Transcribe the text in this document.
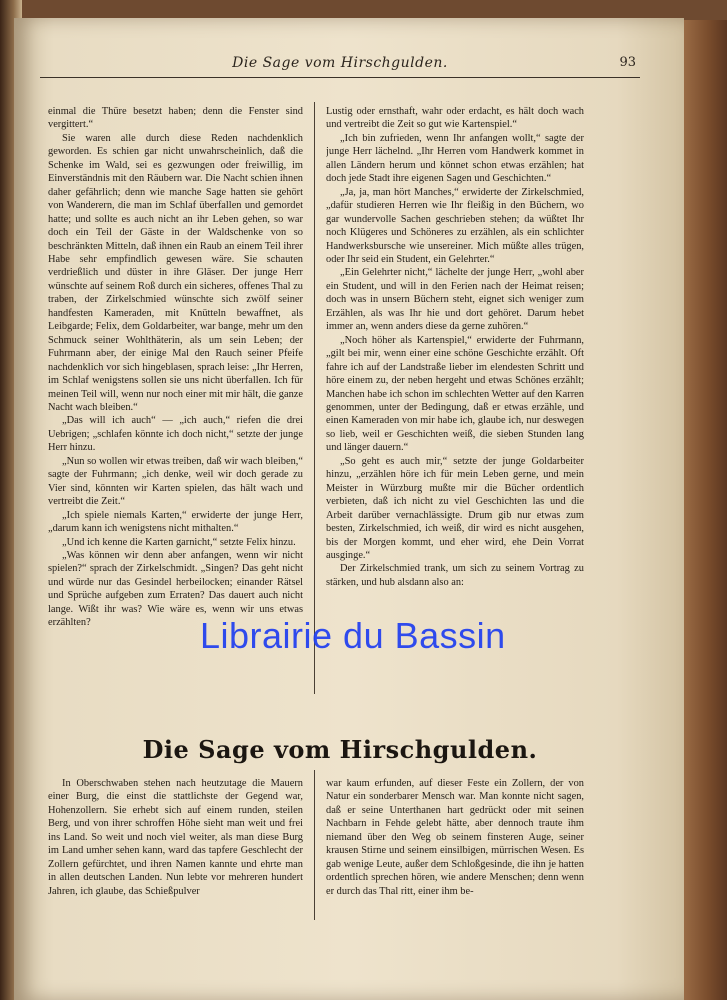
Die Sage vom Hirschgulden.	93

einmal die Thüre besetzt haben; denn die Fenster sind vergittert.“

Sie waren alle durch diese Reden nachdenklich geworden. Es schien gar nicht unwahrscheinlich, daß die Schenke im Wald, sei es gezwungen oder freiwillig, im Einverständnis mit den Räubern war. Die Nacht schien ihnen daher gefährlich; denn wie manche Sage hatten sie gehört von Wanderern, die man im Schlaf überfallen und gemordet hatte; und sollte es auch nicht an ihr Leben gehen, so war doch ein Teil der Gäste in der Waldschenke von so beschränkten Mitteln, daß ihnen ein Raub an einem Teil ihrer Habe sehr empfindlich gewesen wäre. Sie schauten verdrießlich und düster in ihre Gläser. Der junge Herr wünschte auf seinem Roß durch ein sicheres, offenes Thal zu traben, der Zirkelschmied wünschte sich zwölf seiner handfesten Kameraden, mit Knütteln bewaffnet, als Leibgarde; Felix, dem Goldarbeiter, war bange, mehr um den Schmuck seiner Wohlthäterin, als um sein Leben; der Fuhrmann aber, der einige Mal den Rauch seiner Pfeife nachdenklich vor sich hingeblasen, sprach leise: „Ihr Herren, im Schlaf wenigstens sollen sie uns nicht überfallen. Ich für meinen Teil will, wenn nur noch einer mit mir hält, die ganze Nacht wach bleiben.“

„Das will ich auch“ — „ich auch,“ riefen die drei Uebrigen; „schlafen könnte ich doch nicht,“ setzte der junge Herr hinzu.

„Nun so wollen wir etwas treiben, daß wir wach bleiben,“ sagte der Fuhrmann; „ich denke, weil wir doch gerade zu Vier sind, könnten wir Karten spielen, das hält wach und vertreibt die Zeit.“

„Ich spiele niemals Karten,“ erwiderte der junge Herr, „darum kann ich wenigstens nicht mithalten.“

„Und ich kenne die Karten garnicht,“ setzte Felix hinzu.

„Was können wir denn aber anfangen, wenn wir nicht spielen?“ sprach der Zirkelschmidt. „Singen? Das geht nicht und würde nur das Gesindel herbeilocken; einander Rätsel und Sprüche aufgeben zum Erraten? Das dauert auch nicht lange. Wißt ihr was? Wie wäre es, wenn wir uns etwas erzählten?

Lustig oder ernsthaft, wahr oder erdacht, es hält doch wach und vertreibt die Zeit so gut wie Kartenspiel.“

„Ich bin zufrieden, wenn Ihr anfangen wollt,“ sagte der junge Herr lächelnd. „Ihr Herren vom Handwerk kommet in allen Ländern herum und könnet schon etwas erzählen; hat doch jede Stadt ihre eigenen Sagen und Geschichten.“

„Ja, ja, man hört Manches,“ erwiderte der Zirkelschmied, „dafür studieren Herren wie Ihr fleißig in den Büchern, wo gar wundervolle Sachen geschrieben stehen; da wüßtet Ihr noch Klügeres und Schöneres zu erzählen, als ein schlichter Handwerksbursche wie unsereiner. Mich müßte alles trügen, oder Ihr seid ein Student, ein Gelehrter.“

„Ein Gelehrter nicht,“ lächelte der junge Herr, „wohl aber ein Student, und will in den Ferien nach der Heimat reisen; doch was in unsern Büchern steht, eignet sich weniger zum Erzählen, als was Ihr hie und dort gehöret. Darum hebet immer an, wenn anders diese da gerne zuhören.“

„Noch höher als Kartenspiel,“ erwiderte der Fuhrmann, „gilt bei mir, wenn einer eine schöne Geschichte erzählt. Oft fahre ich auf der Landstraße lieber im elendesten Schritt und höre einem zu, der neben hergeht und etwas Schönes erzählt; Manchen habe ich schon im schlechten Wetter auf den Karren genommen, unter der Bedingung, daß er etwas erzähle, und einen Kameraden von mir habe ich, glaube ich, nur deswegen so lieb, weil er Geschichten weiß, die sieben Stunden lang und länger dauern.“

„So geht es auch mir,“ setzte der junge Goldarbeiter hinzu, „erzählen höre ich für mein Leben gerne, und mein Meister in Würzburg mußte mir die Bücher ordentlich verbieten, daß ich nicht zu viel Geschichten las und die Arbeit darüber vernachlässigte. Drum gib nur etwas zum besten, Zirkelschmied, ich weiß, dir wird es nicht ausgehen, bis der Morgen kommt, und eher wird, ehe Dein Vorrat ausginge.“

Der Zirkelschmied trank, um sich zu seinem Vortrag zu stärken, und hub alsdann also an:

Die Sage vom Hirschgulden.

In Oberschwaben stehen nach heutzutage die Mauern einer Burg, die einst die stattlichste der Gegend war, Hohenzollern. Sie erhebt sich auf einem runden, steilen Berg, und von ihrer schroffen Höhe sieht man weit und frei ins Land. So weit und noch viel weiter, als man diese Burg im Land umher sehen kann, ward das tapfere Geschlecht der Zollern gefürchtet, und ihren Namen kannte und ehrte man in allen deutschen Landen. Nun lebte vor mehreren hundert Jahren, ich glaube, das Schießpulver

war kaum erfunden, auf dieser Feste ein Zollern, der von Natur ein sonderbarer Mensch war. Man konnte nicht sagen, daß er seine Unterthanen hart gedrückt oder mit seinen Nachbarn in Fehde gelebt hätte, aber dennoch traute ihm niemand über den Weg ob seinem finsteren Auge, seiner krausen Stirne und seinem einsilbigen, mürrischen Wesen. Es gab wenige Leute, außer dem Schloßgesinde, die ihn je hatten ordentlich sprechen hören, wie andere Menschen; denn wenn er durch das Thal ritt, einer ihm be-

Librairie du Bassin
